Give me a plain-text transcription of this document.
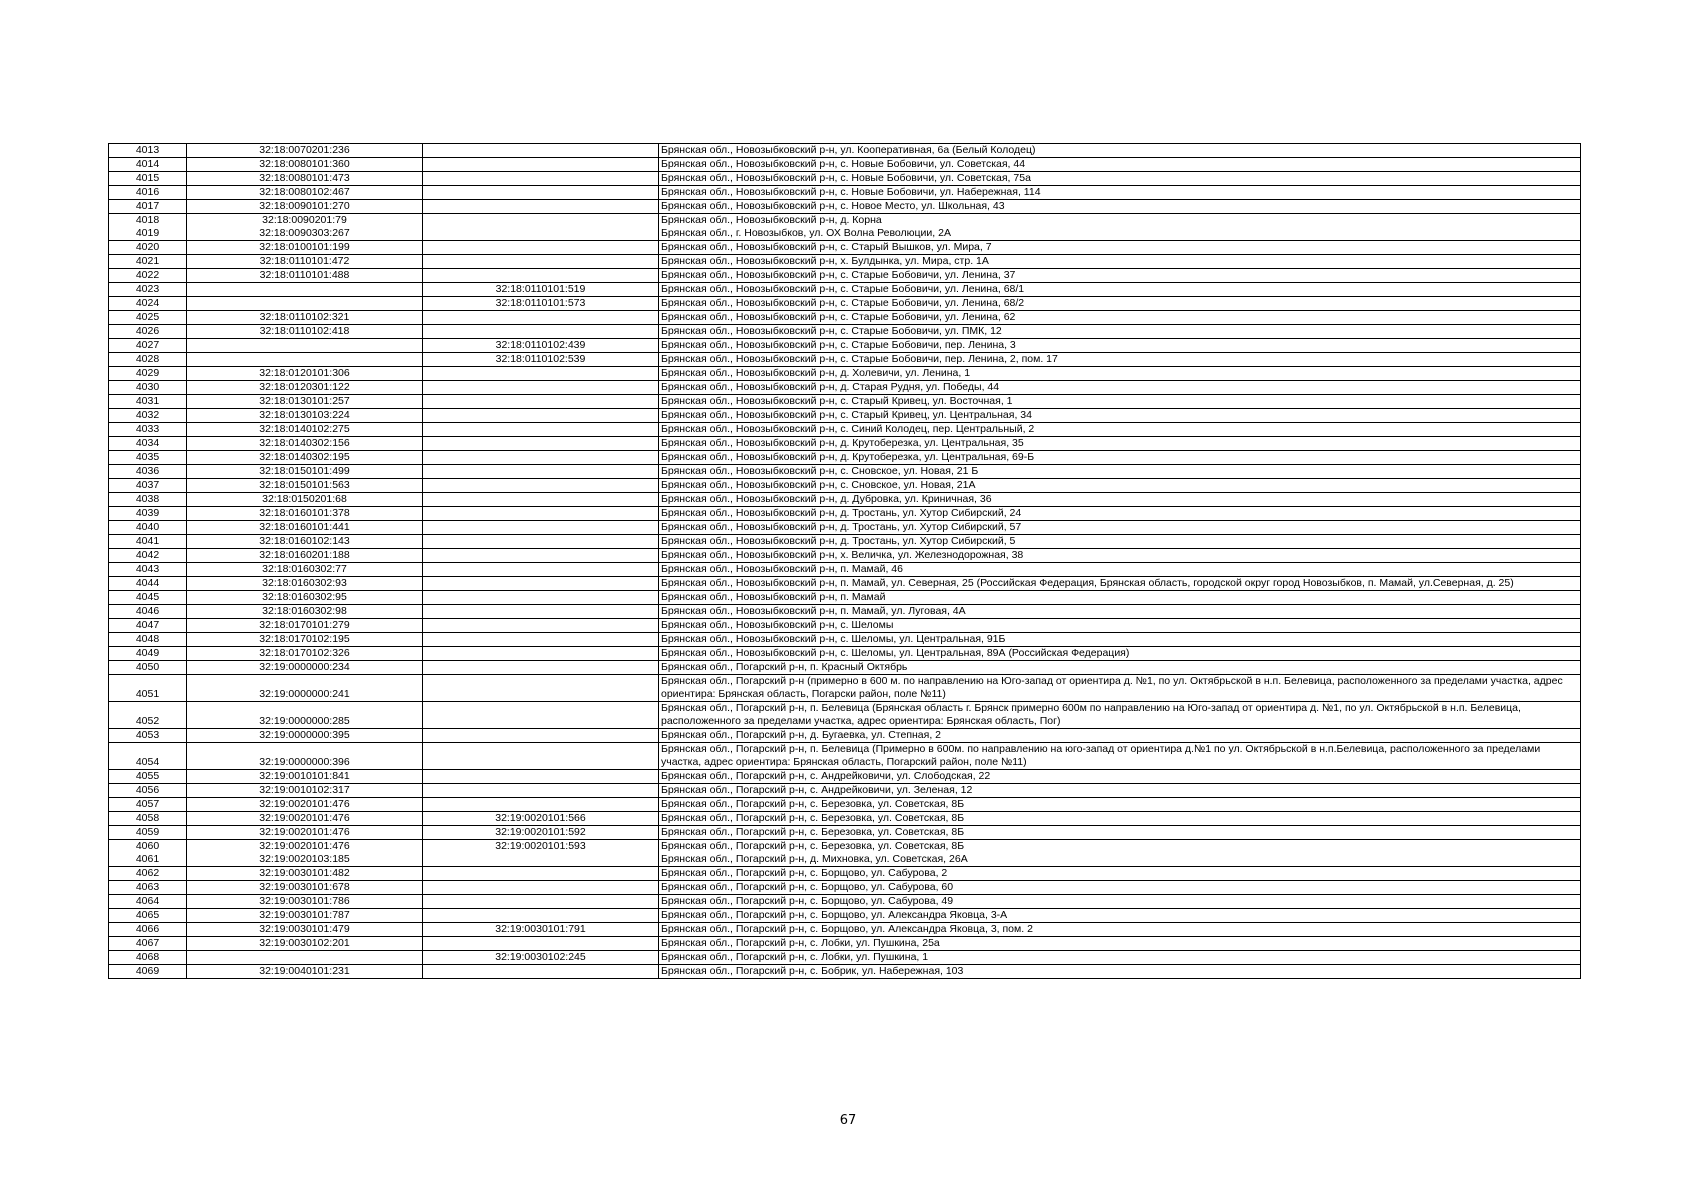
4013	32:18:0070201:236		Брянская обл., Новозыбковский р-н, ул. Кооперативная, 6а (Белый Колодец)
4014	32:18:0080101:360		Брянская обл., Новозыбковский р-н, с. Новые Бобовичи, ул. Советская, 44
4015	32:18:0080101:473		Брянская обл., Новозыбковский р-н, с. Новые Бобовичи, ул. Советская, 75а
4016	32:18:0080102:467		Брянская обл., Новозыбковский р-н, с. Новые Бобовичи, ул. Набережная, 114
4017	32:18:0090101:270		Брянская обл., Новозыбковский р-н, с. Новое Место, ул. Школьная, 43
4018	32:18:0090201:79		Брянская обл., Новозыбковский р-н, д. Корна
4019	32:18:0090303:267		Брянская обл., г. Новозыбков, ул. ОХ Волна Революции, 2А
4020	32:18:0100101:199		Брянская обл., Новозыбковский р-н, с. Старый Вышков, ул. Мира, 7
4021	32:18:0110101:472		Брянская обл., Новозыбковский р-н, х. Булдынка, ул. Мира, стр. 1А
4022	32:18:0110101:488		Брянская обл., Новозыбковский р-н, с. Старые Бобовичи, ул. Ленина, 37
4023		32:18:0110101:519	Брянская обл., Новозыбковский р-н, с. Старые Бобовичи, ул. Ленина, 68/1
4024		32:18:0110101:573	Брянская обл., Новозыбковский р-н, с. Старые Бобовичи, ул. Ленина, 68/2
4025	32:18:0110102:321		Брянская обл., Новозыбковский р-н, с. Старые Бобовичи, ул. Ленина, 62
4026	32:18:0110102:418		Брянская обл., Новозыбковский р-н, с. Старые Бобовичи, ул. ПМК, 12
4027		32:18:0110102:439	Брянская обл., Новозыбковский р-н, с. Старые Бобовичи, пер. Ленина, 3
4028		32:18:0110102:539	Брянская обл., Новозыбковский р-н, с. Старые Бобовичи, пер. Ленина, 2, пом. 17
4029	32:18:0120101:306		Брянская обл., Новозыбковский р-н, д. Холевичи, ул. Ленина, 1
4030	32:18:0120301:122		Брянская обл., Новозыбковский р-н, д. Старая Рудня, ул. Победы, 44
4031	32:18:0130101:257		Брянская обл., Новозыбковский р-н, с. Старый Кривец, ул. Восточная, 1
4032	32:18:0130103:224		Брянская обл., Новозыбковский р-н, с. Старый Кривец, ул. Центральная, 34
4033	32:18:0140102:275		Брянская обл., Новозыбковский р-н, с. Синий Колодец, пер. Центральный, 2
4034	32:18:0140302:156		Брянская обл., Новозыбковский р-н, д. Крутоберезка, ул. Центральная, 35
4035	32:18:0140302:195		Брянская обл., Новозыбковский р-н, д. Крутоберезка, ул. Центральная, 69-Б
4036	32:18:0150101:499		Брянская обл., Новозыбковский р-н, с. Сновское, ул. Новая, 21 Б
4037	32:18:0150101:563		Брянская обл., Новозыбковский р-н, с. Сновское, ул. Новая, 21А
4038	32:18:0150201:68		Брянская обл., Новозыбковский р-н, д. Дубровка, ул. Криничная, 36
4039	32:18:0160101:378		Брянская обл., Новозыбковский р-н, д. Тростань, ул. Хутор Сибирский, 24
4040	32:18:0160101:441		Брянская обл., Новозыбковский р-н, д. Тростань, ул. Хутор Сибирский, 57
4041	32:18:0160102:143		Брянская обл., Новозыбковский р-н, д. Тростань, ул. Хутор Сибирский, 5
4042	32:18:0160201:188		Брянская обл., Новозыбковский р-н, х. Величка, ул. Железнодорожная, 38
4043	32:18:0160302:77		Брянская обл., Новозыбковский р-н, п. Мамай, 46
4044	32:18:0160302:93		Брянская обл., Новозыбковский р-н, п. Мамай, ул. Северная, 25 (Российская Федерация, Брянская область, городской округ город Новозыбков, п. Мамай, ул.Северная, д. 25)
4045	32:18:0160302:95		Брянская обл., Новозыбковский р-н, п. Мамай
4046	32:18:0160302:98		Брянская обл., Новозыбковский р-н, п. Мамай, ул. Луговая, 4А
4047	32:18:0170101:279		Брянская обл., Новозыбковский р-н, с. Шеломы
4048	32:18:0170102:195		Брянская обл., Новозыбковский р-н, с. Шеломы, ул. Центральная, 91Б
4049	32:18:0170102:326		Брянская обл., Новозыбковский р-н, с. Шеломы, ул. Центральная, 89А (Российская Федерация)
4050	32:19:0000000:234		Брянская обл., Погарский р-н, п. Красный Октябрь
4051	32:19:0000000:241		Брянская обл., Погарский р-н (примерно в 600 м. по направлению на Юго-запад от ориентира д. №1, по ул. Октябрьской в н.п. Белевица, расположенного за пределами участка, адрес ориентира: Брянская область, Погарски район, поле №11)
4052	32:19:0000000:285		Брянская обл., Погарский р-н, п. Белевица (Брянская область г. Брянск примерно 600м по направлению на Юго-запад от ориентира д. №1, по ул. Октябрьской в н.п. Белевица, расположенного за пределами участка, адрес ориентира: Брянская область, Пог)
4053	32:19:0000000:395		Брянская обл., Погарский р-н, д. Бугаевка, ул. Степная, 2
4054	32:19:0000000:396		Брянская обл., Погарский р-н, п. Белевица (Примерно в 600м. по направлению на юго-запад от ориентира д.№1 по ул. Октябрьской в н.п.Белевица, расположенного за пределами участка, адрес ориентира: Брянская область, Погарский район, поле №11)
4055	32:19:0010101:841		Брянская обл., Погарский р-н, с. Андрейковичи, ул. Слободская, 22
4056	32:19:0010102:317		Брянская обл., Погарский р-н, с. Андрейковичи, ул. Зеленая, 12
4057	32:19:0020101:476		Брянская обл., Погарский р-н, с. Березовка, ул. Советская, 8Б
4058	32:19:0020101:476	32:19:0020101:566	Брянская обл., Погарский р-н, с. Березовка, ул. Советская, 8Б
4059	32:19:0020101:476	32:19:0020101:592	Брянская обл., Погарский р-н, с. Березовка, ул. Советская, 8Б
4060	32:19:0020101:476	32:19:0020101:593	Брянская обл., Погарский р-н, с. Березовка, ул. Советская, 8Б
4061	32:19:0020103:185		Брянская обл., Погарский р-н, д. Михновка, ул. Советская, 26А
4062	32:19:0030101:482		Брянская обл., Погарский р-н, с. Борщово, ул. Сабурова, 2
4063	32:19:0030101:678		Брянская обл., Погарский р-н, с. Борщово, ул. Сабурова, 60
4064	32:19:0030101:786		Брянская обл., Погарский р-н, с. Борщово, ул. Сабурова, 49
4065	32:19:0030101:787		Брянская обл., Погарский р-н, с. Борщово, ул. Александра Яковца, 3-А
4066	32:19:0030101:479	32:19:0030101:791	Брянская обл., Погарский р-н, с. Борщово, ул. Александра Яковца, 3, пом. 2
4067	32:19:0030102:201		Брянская обл., Погарский р-н, с. Лобки, ул. Пушкина, 25а
4068		32:19:0030102:245	Брянская обл., Погарский р-н, с. Лобки, ул. Пушкина, 1
4069	32:19:0040101:231		Брянская обл., Погарский р-н, с. Бобрик, ул. Набережная, 103
67
